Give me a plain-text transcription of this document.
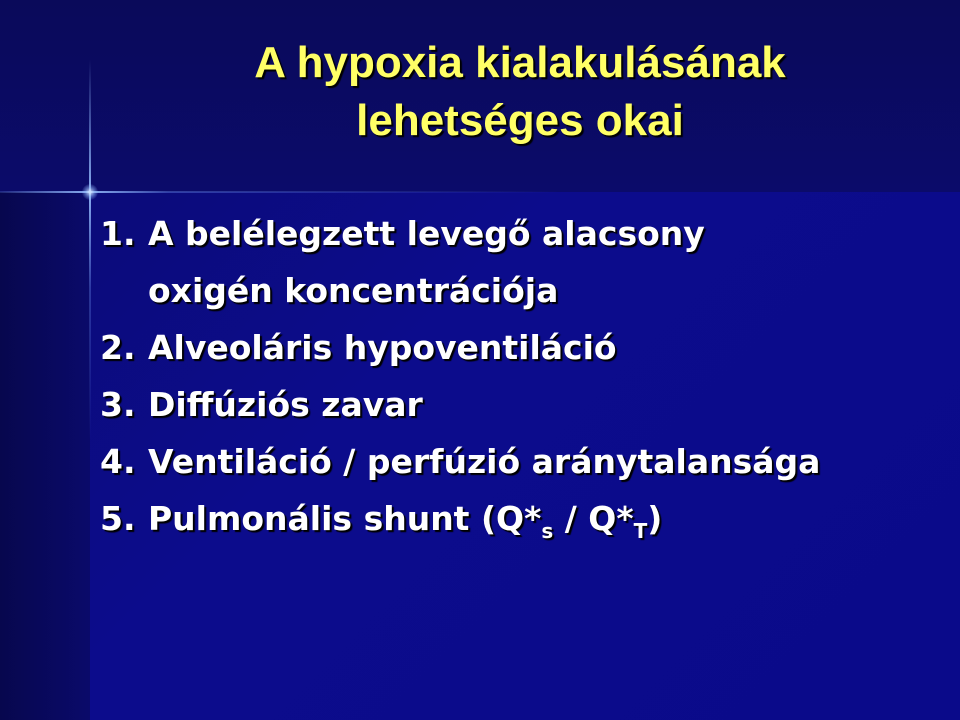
A hypoxia kialakulásának
lehetséges okai
1. A belélegzett levegő alacsony
oxigén koncentrációja
2. Alveoláris hypoventiláció
3. Diffúziós zavar
4. Ventiláció / perfúzió aránytalansága
5. Pulmonális shunt $(Q*_s / Q*_T)$
